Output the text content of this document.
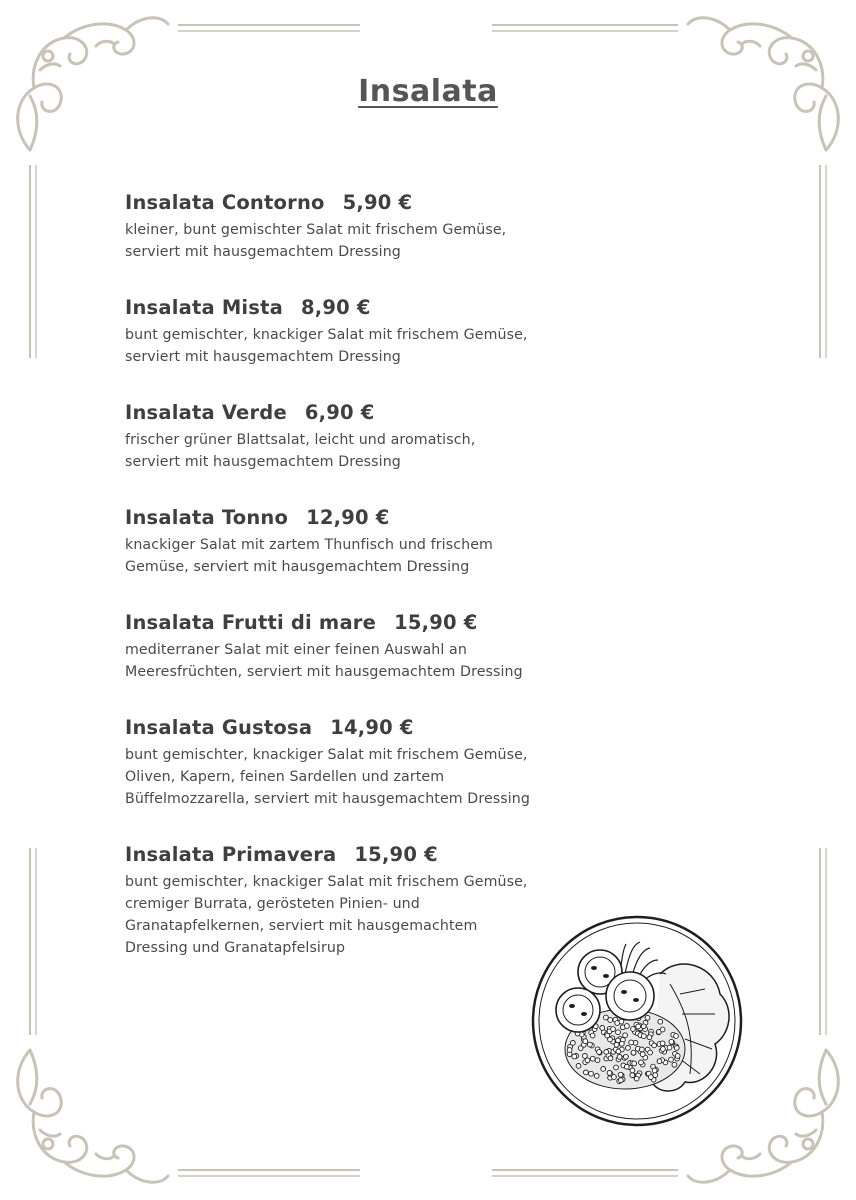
Insalata
Insalata Contorno 5,90 €
kleiner, bunt gemischter Salat mit frischem Gemüse,
serviert mit hausgemachtem Dressing
Insalata Mista 8,90 €
bunt gemischter, knackiger Salat mit frischem Gemüse,
serviert mit hausgemachtem Dressing
Insalata Verde 6,90 €
frischer grüner Blattsalat, leicht und aromatisch,
serviert mit hausgemachtem Dressing
Insalata Tonno 12,90 €
knackiger Salat mit zartem Thunfisch und frischem
Gemüse, serviert mit hausgemachtem Dressing
Insalata Frutti di mare 15,90 €
mediterraner Salat mit einer feinen Auswahl an
Meeresfrüchten, serviert mit hausgemachtem Dressing
Insalata Gustosa 14,90 €
bunt gemischter, knackiger Salat mit frischem Gemüse,
Oliven, Kapern, feinen Sardellen und zartem
Büffelmozzarella, serviert mit hausgemachtem Dressing
Insalata Primavera 15,90 €
bunt gemischter, knackiger Salat mit frischem Gemüse,
cremiger Burrata, gerösteten Pinien- und
Granatapfelkernen, serviert mit hausgemachtem
Dressing und Granatapfelsirup
